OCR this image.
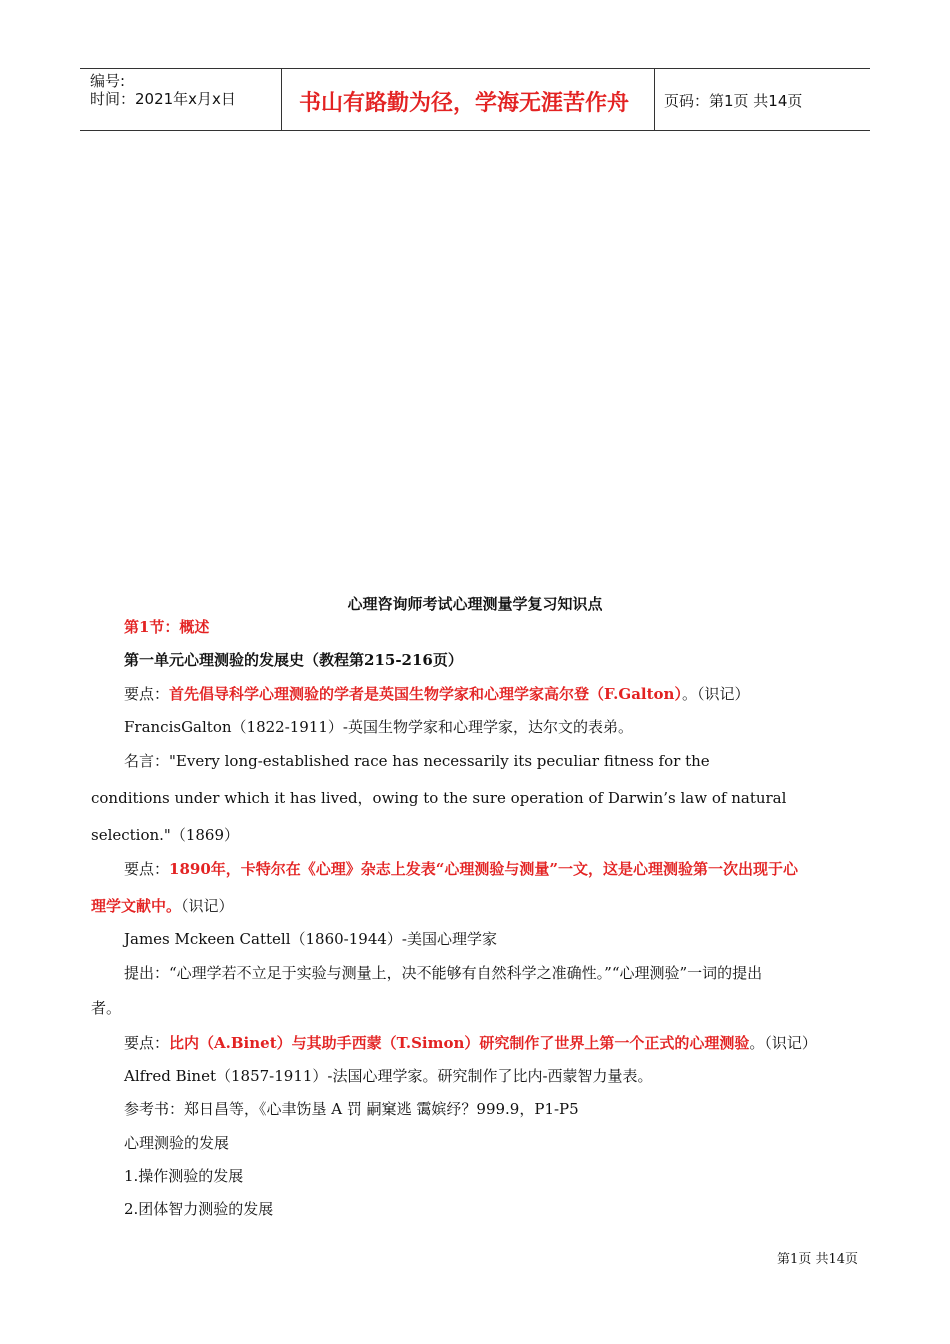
编号:
时间：2021年x月x日	书山有路勤为径，学海无涯苦作舟 页码：第1页 共14页
心理咨询师考试心理测量学复习知识点
第1节：概述
第一单元心理测验的发展史（教程第215-216页）
要点：首先倡导科学心理测验的学者是英国生物学家和心理学家高尔登（F.Galton）。（识记）
FrancisGalton（1822-1911）-英国生物学家和心理学家，达尔文的表弟。
名言："Every long-established race has necessarily its peculiar fitness for the
conditions under which it has lived，owing to the sure operation of Darwin’s law of natural
selection."（1869）
要点：1890年，卡特尔在《心理》杂志上发表“心理测验与测量”一文，这是心理测验第一次出现于心
理学文献中。（识记）
James Mckeen Cattell（1860-1944）-美国心理学家
提出：“心理学若不立足于实验与测量上，决不能够有自然科学之准确性。”“心理测验”一词的提出
者。
要点：比内（A.Binet）与其助手西蒙（T.Simon）研究制作了世界上第一个正式的心理测验。（识记）
Alfred Binet（1857-1911）-法国心理学家。研究制作了比内-西蒙智力量表。
参考书：郑日昌等，《心聿饬垦 A 罚 嗣窠逃 霭嫔纾？999.9，P1-P5
心理测验的发展
1.操作测验的发展
2.团体智力测验的发展
第1页 共14页
